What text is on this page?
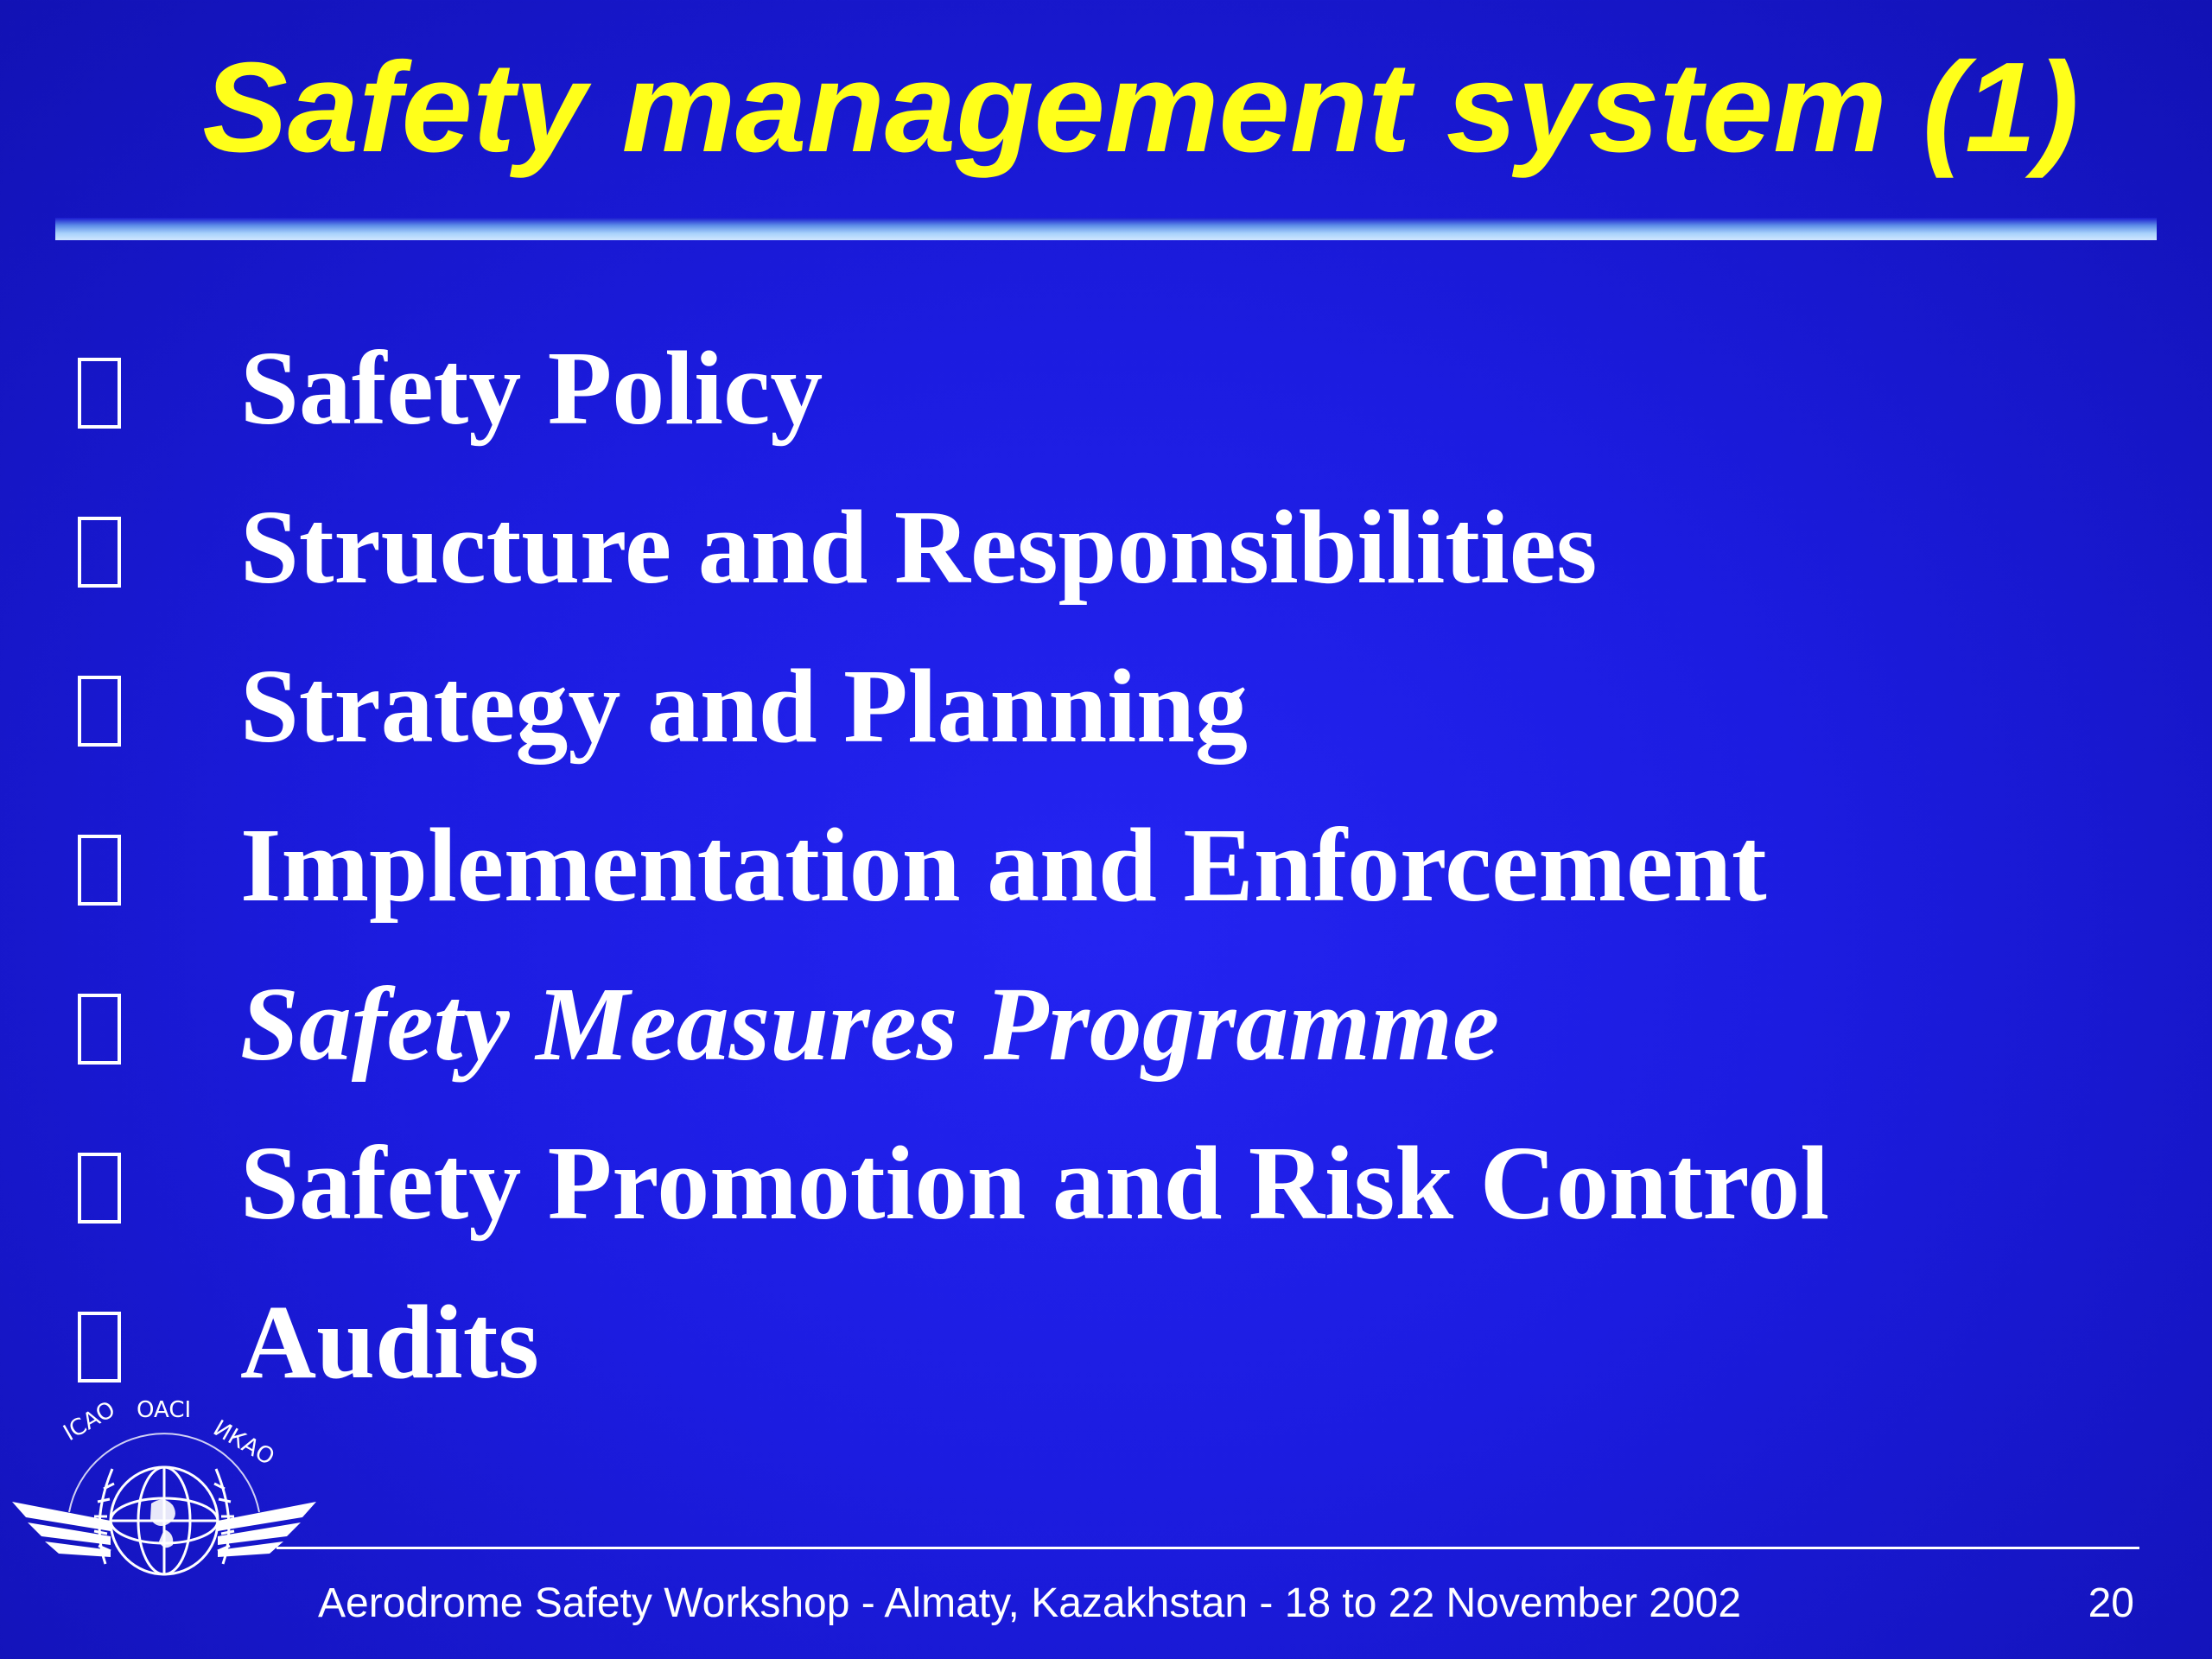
Safety management system (1)
Safety Policy
Structure and Responsibilities
Strategy and Planning
Implementation and Enforcement
Safety Measures Programme
Safety Promotion and Risk Control
Audits
ICAO OACI
ИКАО
Aerodrome Safety Workshop - Almaty, Kazakhstan - 18 to 22 November 2002	20
